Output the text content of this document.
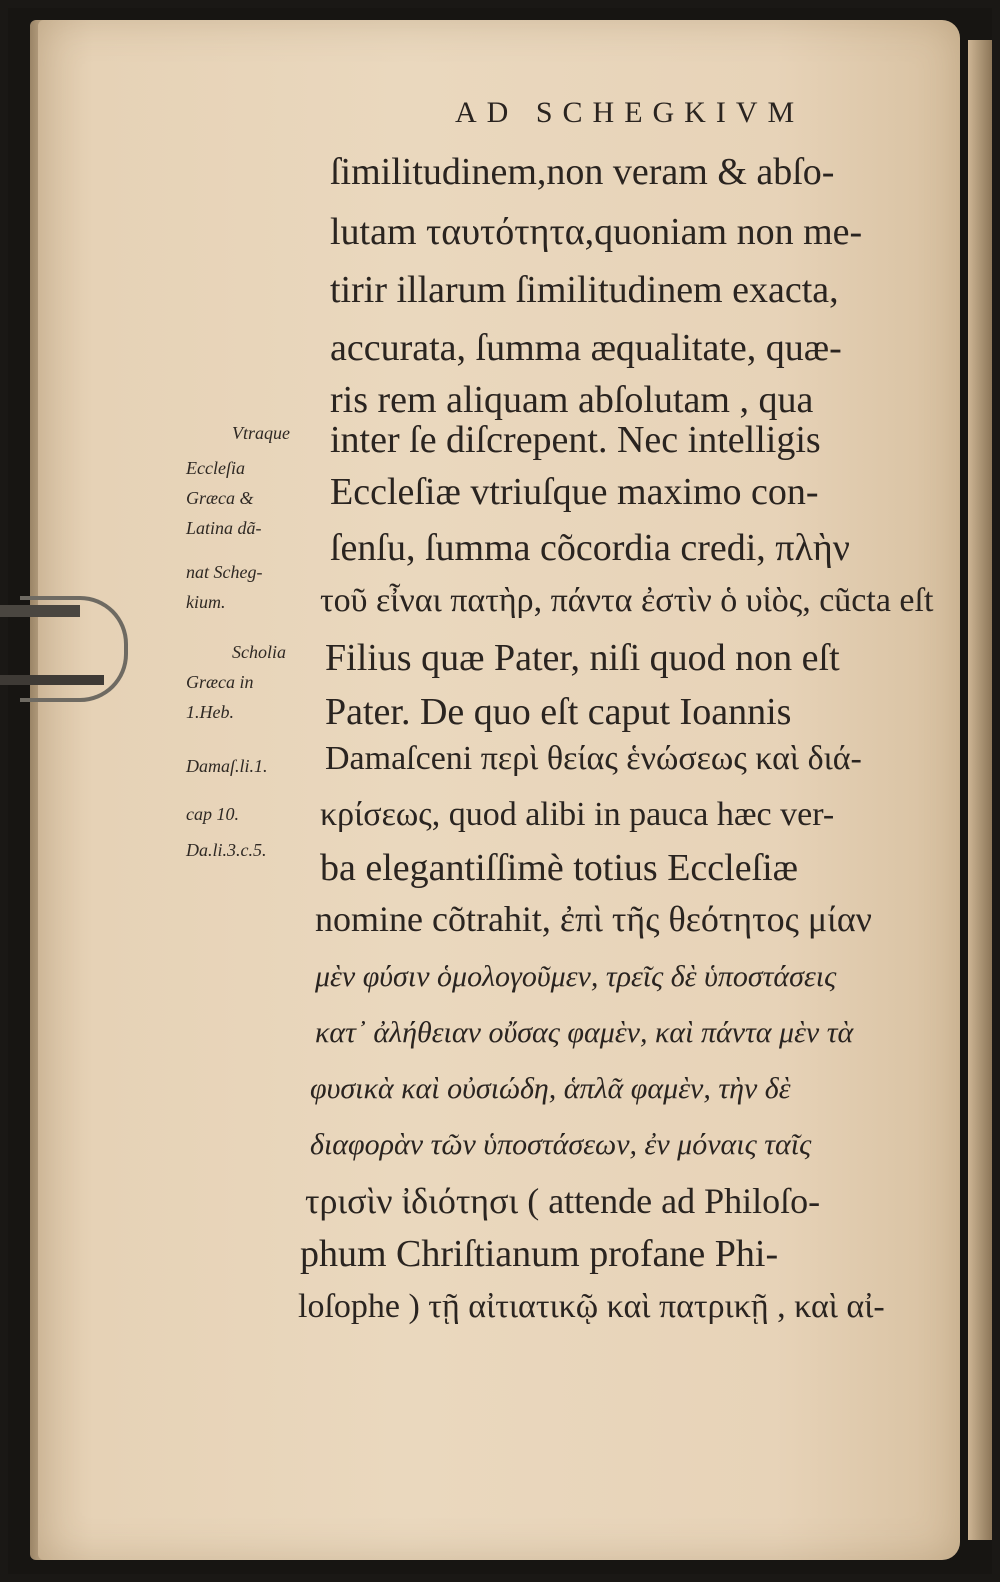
AD SCHEGKIVM
ſimilitudinem,non veram & abſo-
lutam ταυτότητα,quoniam non me-
tirir illarum ſimilitudinem exacta,
accurata, ſumma æqualitate, quæ-
ris rem aliquam abſolutam , qua
inter ſe diſcrepent. Nec intelligis
Eccleſiæ vtriuſque maximo con-
ſenſu, ſumma cõcordia credi, πλὴν
τοῦ εἶναι πατὴρ, πάντα ἐστὶν ὁ υἱὸς, cũcta eſt
Filius quæ Pater, niſi quod non eſt
Pater. De quo eſt caput Ioannis
Damaſceni περὶ θείας ἑνώσεως καὶ διά-
κρίσεως, quod alibi in pauca hæc ver-
ba elegantiſſimè totius Eccleſiæ
nomine cõtrahit, ἐπὶ τῆς θεότητος μίαν
μὲν φύσιν ὁμολογοῦμεν, τρεῖς δὲ ὑποστάσεις
κατ᾽ ἀλήθειαν οὔσας φαμὲν, καὶ πάντα μὲν τὰ
φυσικὰ καὶ οὐσιώδη, ἁπλᾶ φαμὲν, τὴν δὲ
διαφορὰν τῶν ὑποστάσεων, ἐν μόναις ταῖς
τρισὶν ἰδιότησι ( attende ad Philoſo-
phum Chriſtianum profane Phi-
loſophe ) τῇ αἰτιατικῷ καὶ πατρικῇ , καὶ αἰ-
Vtraque
Eccleſia
Græca &
Latina dã-
nat Scheg-
kium.
Scholia
Græca in
1.Heb.
Damaſ.li.1.
cap 10.
Da.li.3.c.5.
